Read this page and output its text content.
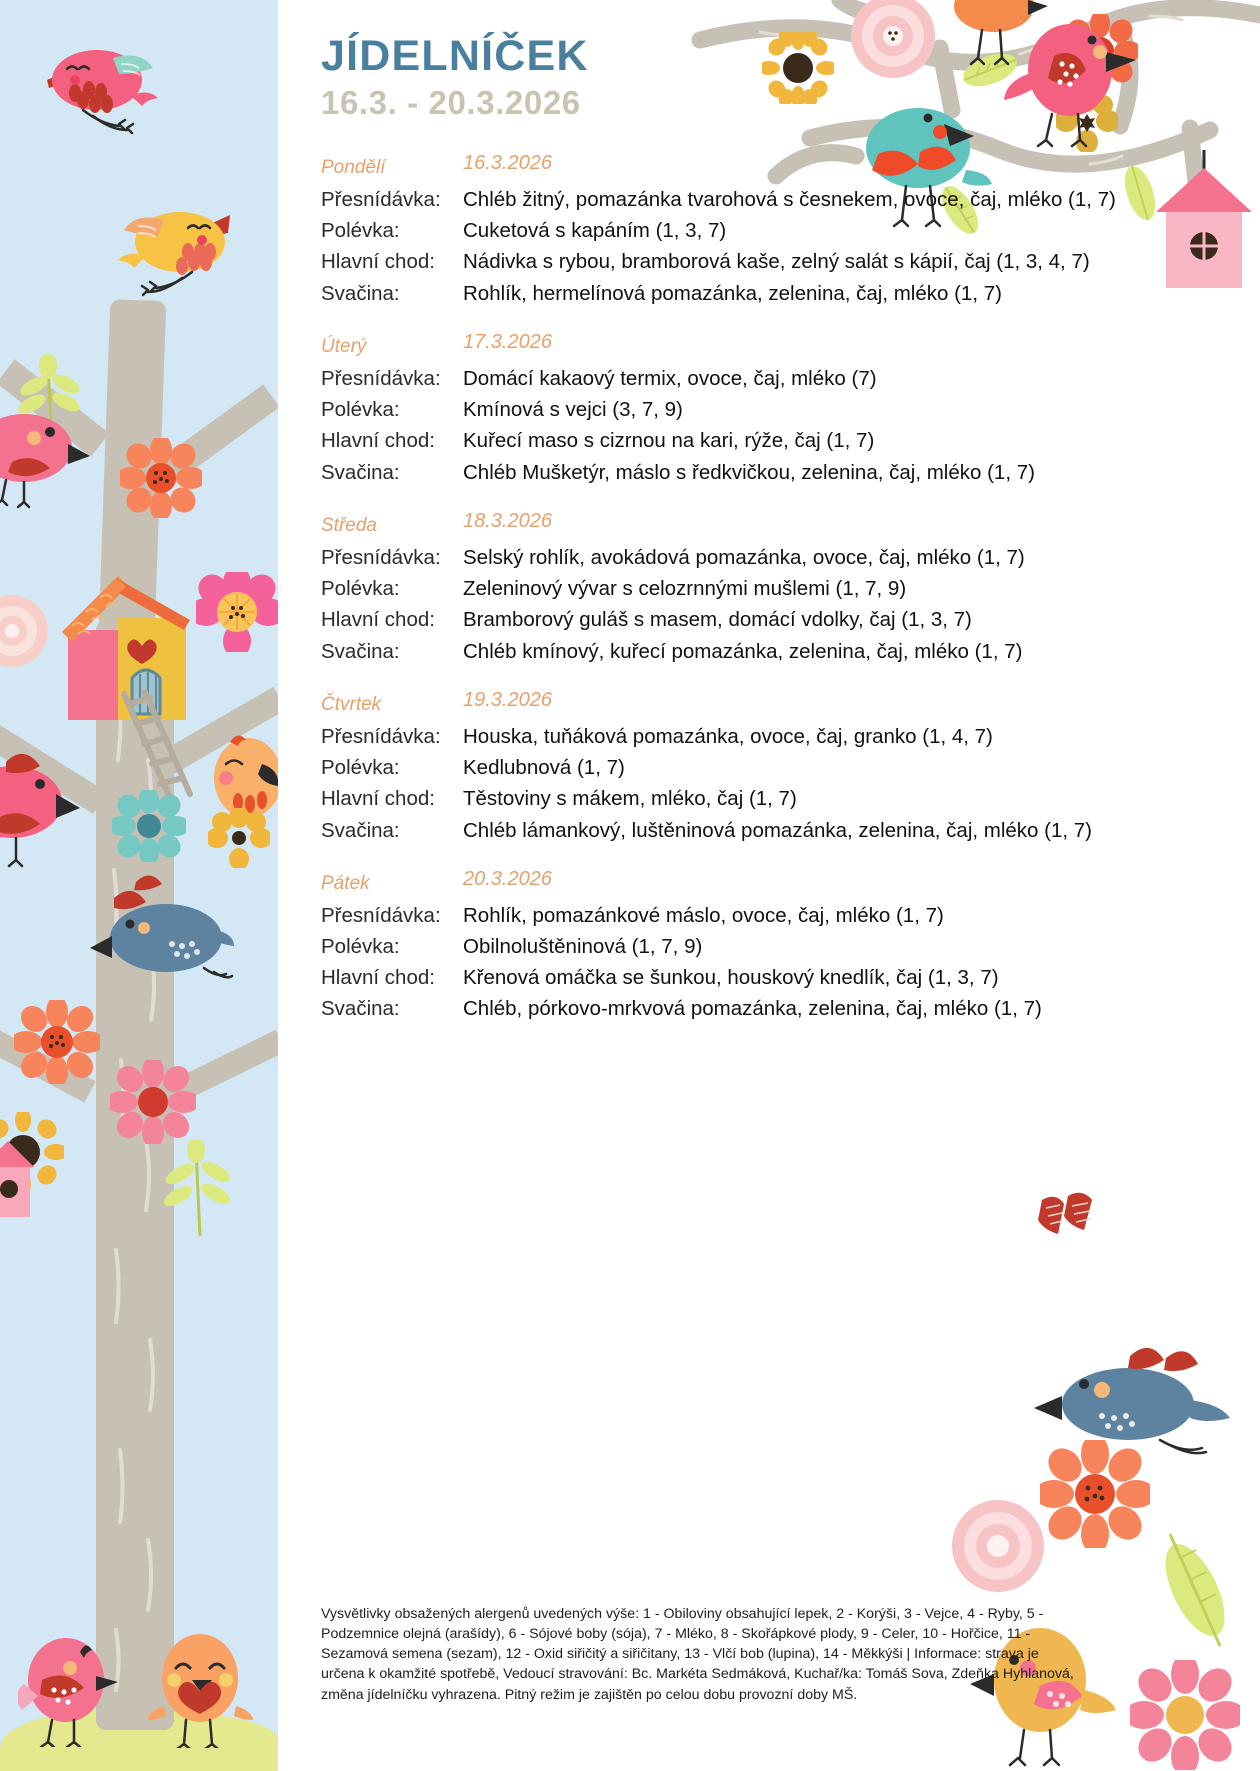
JÍDELNÍČEK
16.3. - 20.3.2026
Pondělí	16.3.2026
Přesnídávka:	Chléb žitný, pomazánka tvarohová s česnekem, ovoce, čaj, mléko (1, 7)
Polévka:	Cuketová s kapáním (1, 3, 7)
Hlavní chod:	Nádivka s rybou, bramborová kaše, zelný salát s kápií, čaj (1, 3, 4, 7)
Svačina:	Rohlík, hermelínová pomazánka, zelenina, čaj, mléko (1, 7)
Úterý	17.3.2026
Přesnídávka:	Domácí kakaový termix, ovoce, čaj, mléko (7)
Polévka:	Kmínová s vejci (3, 7, 9)
Hlavní chod:	Kuřecí maso s cizrnou na kari, rýže, čaj (1, 7)
Svačina:	Chléb Mušketýr, máslo s ředkvičkou, zelenina, čaj, mléko (1, 7)
Středa	18.3.2026
Přesnídávka:	Selský rohlík, avokádová pomazánka, ovoce, čaj, mléko (1, 7)
Polévka:	Zeleninový vývar s celozrnnými mušlemi (1, 7, 9)
Hlavní chod:	Bramborový guláš s masem, domácí vdolky, čaj (1, 3, 7)
Svačina:	Chléb kmínový, kuřecí pomazánka, zelenina, čaj, mléko (1, 7)
Čtvrtek	19.3.2026
Přesnídávka:	Houska, tuňáková pomazánka, ovoce, čaj, granko (1, 4, 7)
Polévka:	Kedlubnová (1, 7)
Hlavní chod:	Těstoviny s mákem, mléko, čaj (1, 7)
Svačina:	Chléb lámankový, luštěninová pomazánka, zelenina, čaj, mléko (1, 7)
Pátek	20.3.2026
Přesnídávka:	Rohlík, pomazánkové máslo, ovoce, čaj, mléko (1, 7)
Polévka:	Obilnoluštěninová (1, 7, 9)
Hlavní chod:	Křenová omáčka se šunkou, houskový knedlík, čaj (1, 3, 7)
Svačina:	Chléb, pórkovo-mrkvová pomazánka, zelenina, čaj, mléko (1, 7)
Vysvětlivky obsažených alergenů uvedených výše: 1 - Obiloviny obsahující lepek, 2 - Korýši, 3 - Vejce, 4 - Ryby, 5 - Podzemnice olejná (arašídy), 6 - Sójové boby (sója), 7 - Mléko, 8 - Skořápkové plody, 9 - Celer, 10 - Hořčice, 11 - Sezamová semena (sezam), 12 - Oxid siřičitý a siřičitany, 13 - Vlčí bob (lupina), 14 - Měkkýši | Informace: strava je určena k okamžité spotřebě, Vedoucí stravování: Bc. Markéta Sedmáková, Kuchař/ka: Tomáš Sova, Zdeňka Hyhlanová, změna jídelníčku vyhrazena. Pitný režim je zajištěn po celou dobu provozní doby MŠ.
